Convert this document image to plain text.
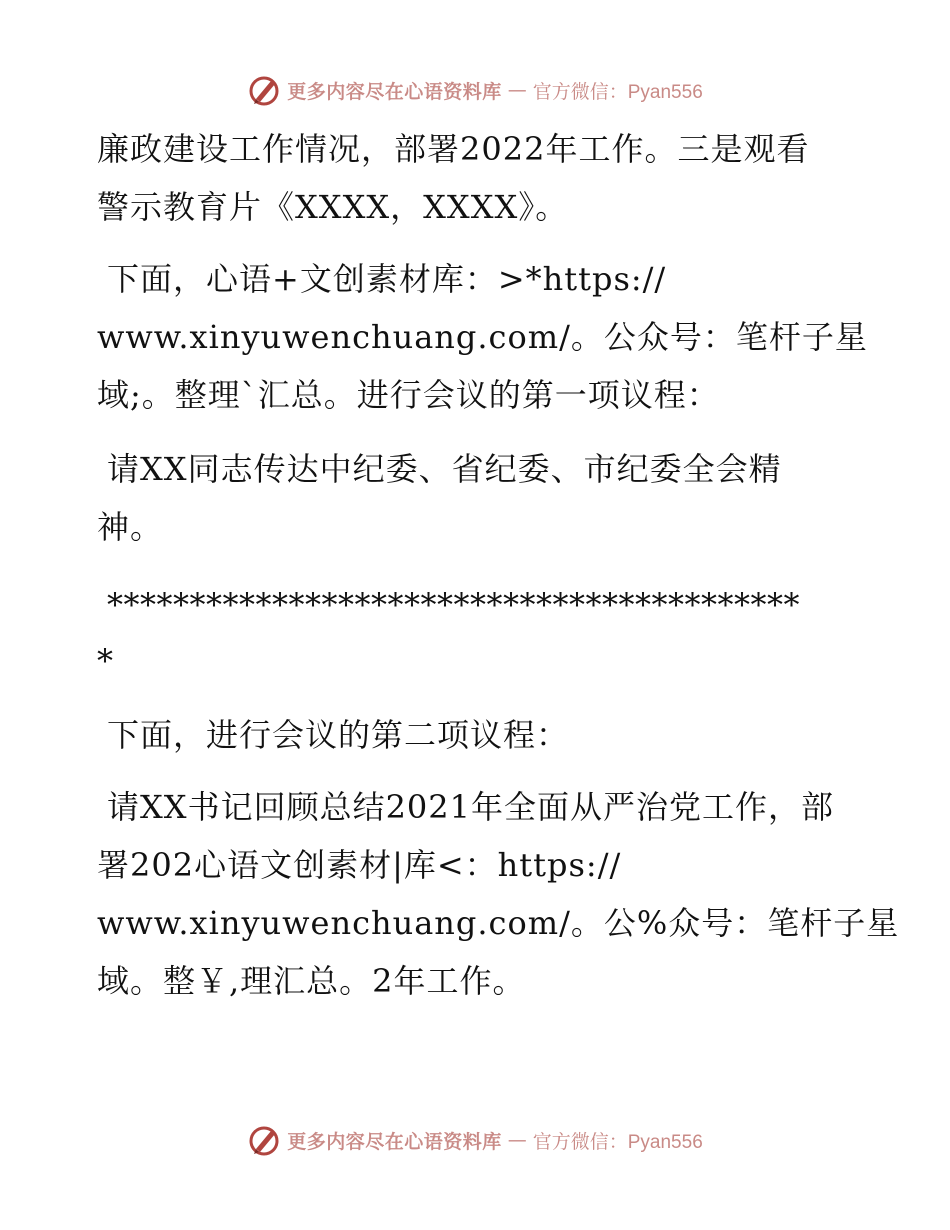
更多内容尽在心语资料库 — 官方微信：Pyan556
廉政建设工作情况，部署2022年工作。三是观看
警示教育片《XXXX，XXXX》。
下面，心语+文创素材库：>*https://
www.xinyuwenchuang.com/。公众号：笔杆子星
域;。整理`汇总。进行会议的第一项议程：
请XX同志传达中纪委、省纪委、市纪委全会精
神。
******************************************
*
下面，进行会议的第二项议程：
请XX书记回顾总结2021年全面从严治党工作，部
署202心语文创素材|库<：https://
www.xinyuwenchuang.com/。公%众号：笔杆子星
域。整￥,理汇总。2年工作。
更多内容尽在心语资料库 — 官方微信：Pyan556
